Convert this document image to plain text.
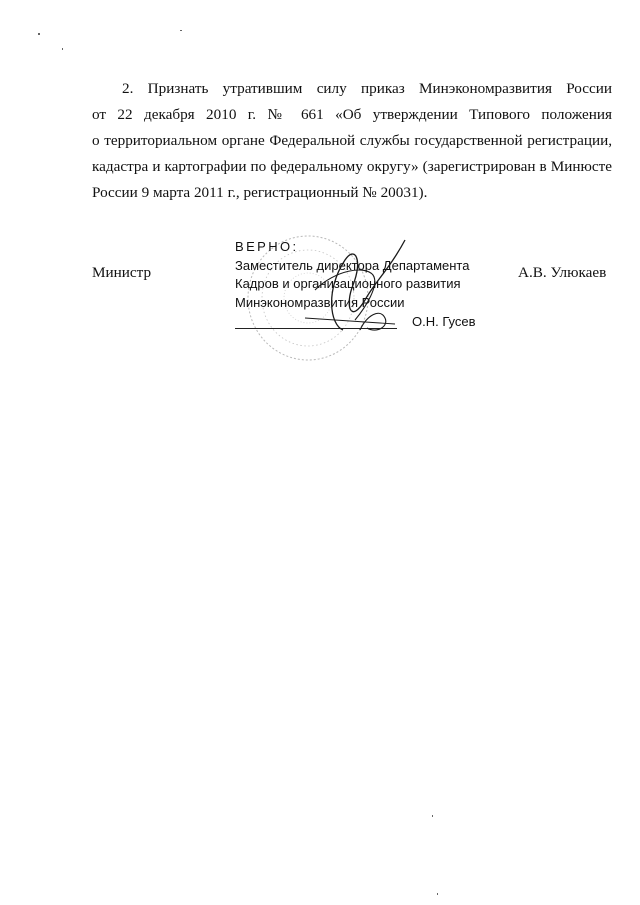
2. Признать утратившим силу приказ Минэкономразвития России
от 22 декабря 2010 г. № 661 «Об утверждении Типового положения
о территориальном органе Федеральной службы государственной регистрации,
кадастра и картографии по федеральному округу» (зарегистрирован в Минюсте
России 9 марта 2011 г., регистрационный № 20031).

Министр	А.В. Улюкаев
ВЕРНО:
Заместитель директора Департамента
Кадров и организационного развития
Минэкономразвития России
О.Н. Гусев
